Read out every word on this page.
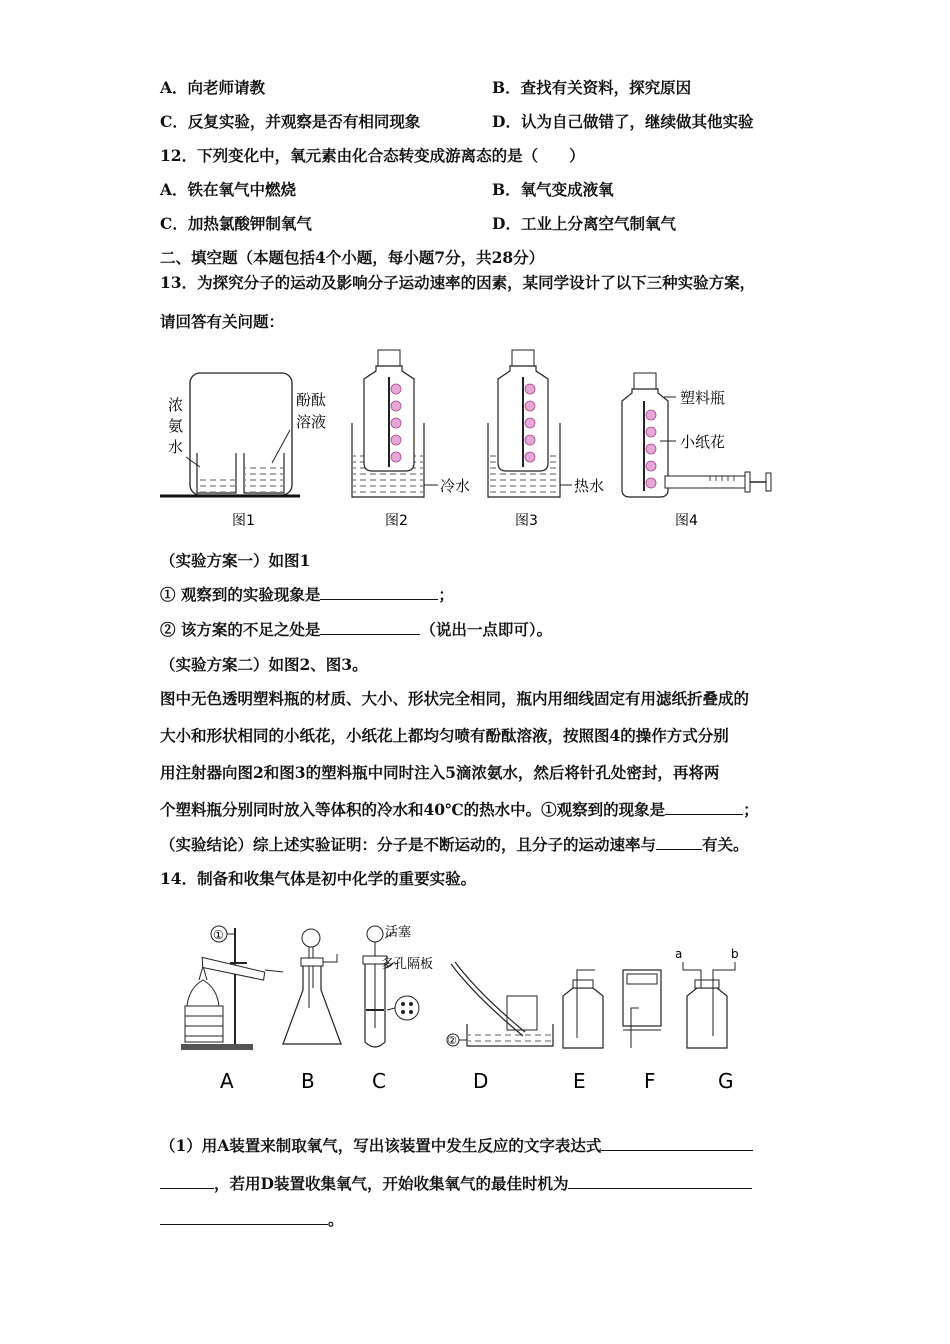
A．向老师请教	B．查找有关资料，探究原因
C．反复实验，并观察是否有相同现象	D．认为自己做错了，继续做其他实验
12．下列变化中，氧元素由化合态转变成游离态的是（　　）
A．铁在氧气中燃烧	B．氧气变成液氧
C．加热氯酸钾制氧气	D．工业上分离空气制氧气
二、填空题（本题包括4个小题，每小题7分，共28分）
13．为探究分子的运动及影响分子运动速率的因素，某同学设计了以下三种实验方案，
请回答有关问题：
浓
氨
水
酚酞
溶液
图1
冷水
图2
热水
图3
塑料瓶
小纸花
图4
（实验方案一）如图1
① 观察到的实验现象是	；
② 该方案的不足之处是	（说出一点即可）。
（实验方案二）如图2、图3。
图中无色透明塑料瓶的材质、大小、形状完全相同，瓶内用细线固定有用滤纸折叠成的
大小和形状相同的小纸花，小纸花上都均匀喷有酚酞溶液，按照图4的操作方式分别
用注射器向图2和图3的塑料瓶中同时注入5滴浓氨水，然后将针孔处密封，再将两
个塑料瓶分别同时放入等体积的冷水和40℃的热水中。①观察到的现象是	；
（实验结论）综上述实验证明：分子是不断运动的，且分子的运动速率与	有关。
14．制备和收集气体是初中化学的重要实验。
①	活塞
多孔隔板
②
a	b
A	B	C	D	E	F	G
（1）用A装置来制取氧气，写出该装置中发生反应的文字表达式
，若用D装置收集氧气，开始收集氧气的最佳时机为
。
